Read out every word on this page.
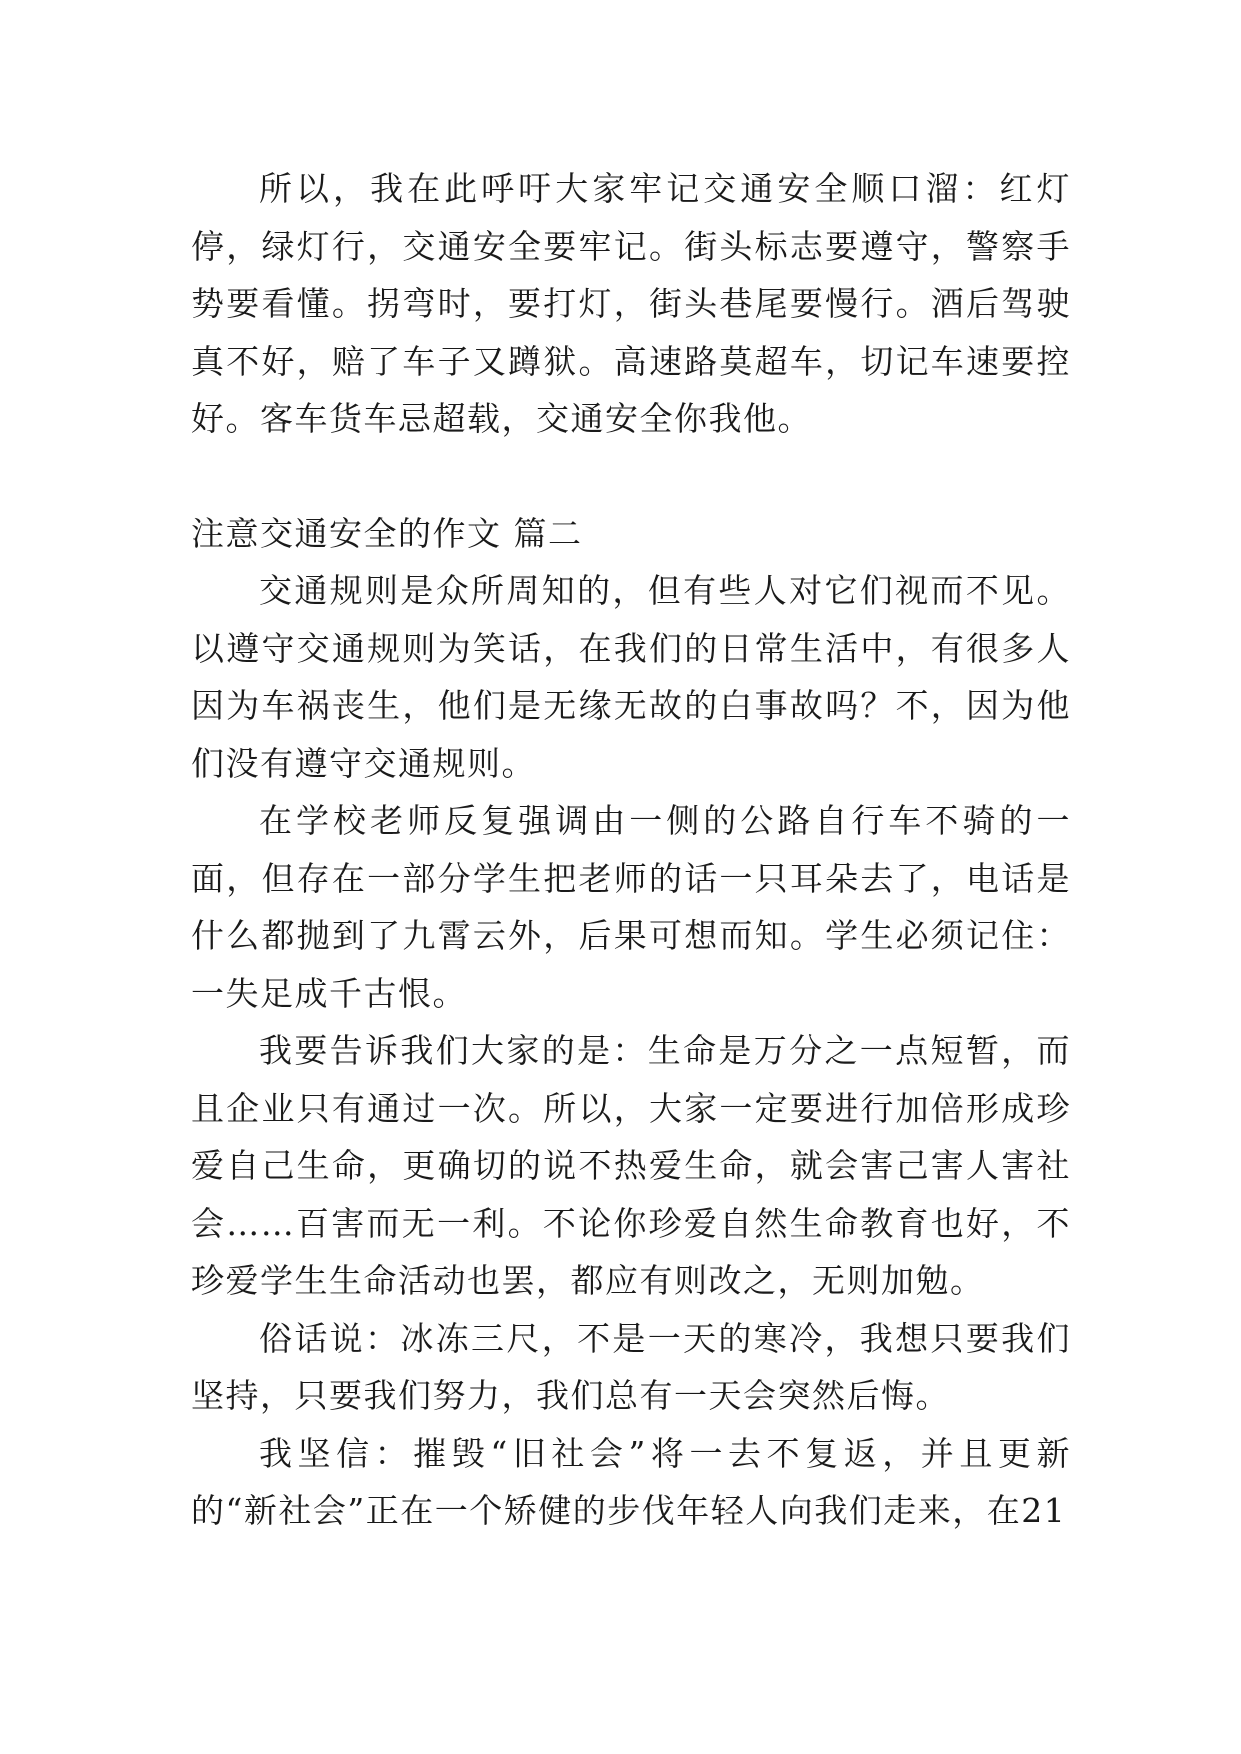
所以，我在此呼吁大家牢记交通安全顺口溜：红灯停，绿灯行，交通安全要牢记。街头标志要遵守，警察手势要看懂。拐弯时，要打灯，街头巷尾要慢行。酒后驾驶真不好，赔了车子又蹲狱。高速路莫超车，切记车速要控好。客车货车忌超载，交通安全你我他。

注意交通安全的作文 篇二

交通规则是众所周知的，但有些人对它们视而不见。以遵守交通规则为笑话，在我们的日常生活中，有很多人因为车祸丧生，他们是无缘无故的白事故吗？不，因为他们没有遵守交通规则。

在学校老师反复强调由一侧的公路自行车不骑的一面，但存在一部分学生把老师的话一只耳朵去了，电话是什么都抛到了九霄云外，后果可想而知。学生必须记住：一失足成千古恨。

我要告诉我们大家的是：生命是万分之一点短暂，而且企业只有通过一次。所以，大家一定要进行加倍形成珍爱自己生命，更确切的说不热爱生命，就会害己害人害社会……百害而无一利。不论你珍爱自然生命教育也好，不珍爱学生生命活动也罢，都应有则改之，无则加勉。

俗话说：冰冻三尺，不是一天的寒冷，我想只要我们坚持，只要我们努力，我们总有一天会突然后悔。

我坚信：摧毁“旧社会”将一去不复返，并且更新的“新社会”正在一个矫健的步伐年轻人向我们走来，在21
